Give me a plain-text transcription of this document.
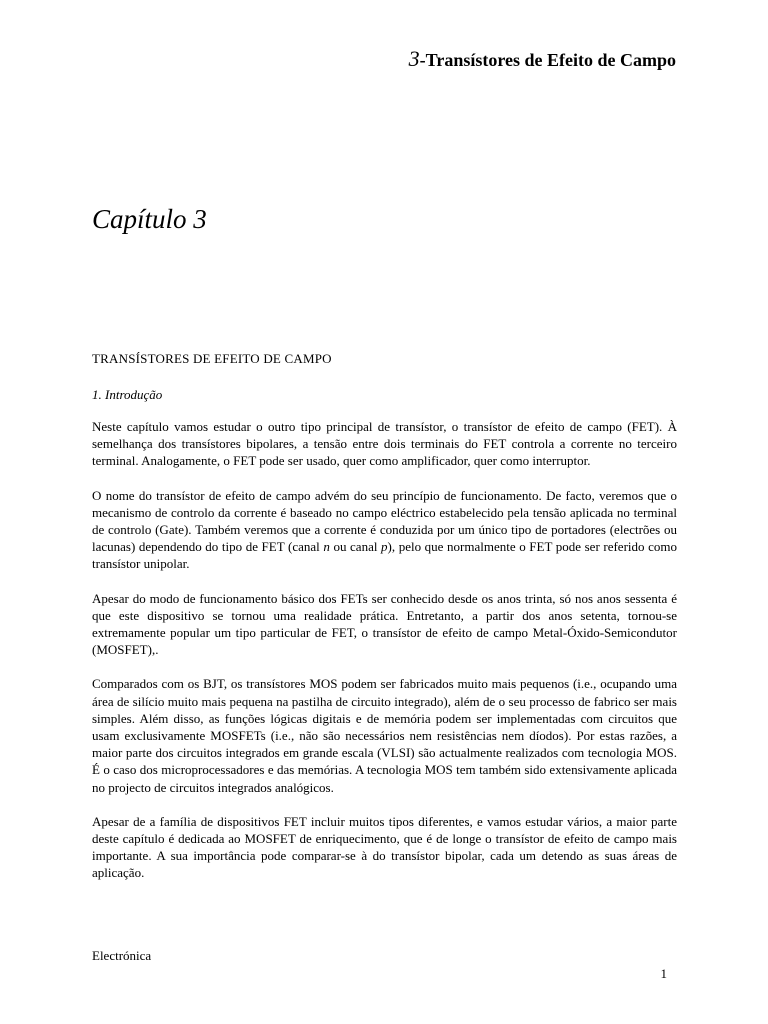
3-Transístores de Efeito de Campo
Capítulo 3
TRANSÍSTORES DE EFEITO DE CAMPO
1. Introdução

Neste capítulo vamos estudar o outro tipo principal de transístor, o transístor de efeito de campo (FET). À semelhança dos transístores bipolares, a tensão entre dois terminais do FET controla a corrente no terceiro terminal. Analogamente, o FET pode ser usado, quer como amplificador, quer como interruptor.

O nome do transístor de efeito de campo advém do seu princípio de funcionamento. De facto, veremos que o mecanismo de controlo da corrente é baseado no campo eléctrico estabelecido pela tensão aplicada no terminal de controlo (Gate). Também veremos que a corrente é conduzida por um único tipo de portadores (electrões ou lacunas) dependendo do tipo de FET (canal n ou canal p), pelo que normalmente o FET pode ser referido como transístor unipolar.

Apesar do modo de funcionamento básico dos FETs ser conhecido desde os anos trinta, só nos anos sessenta é que este dispositivo se tornou uma realidade prática. Entretanto, a partir dos anos setenta, tornou-se extremamente popular um tipo particular de FET, o transístor de efeito de campo Metal-Óxido-Semicondutor (MOSFET),.

Comparados com os BJT, os transístores MOS podem ser fabricados muito mais pequenos (i.e., ocupando uma área de silício muito mais pequena na pastilha de circuito integrado), além de o seu processo de fabrico ser mais simples. Além disso, as funções lógicas digitais e de memória podem ser implementadas com circuitos que usam exclusivamente MOSFETs (i.e., não são necessários nem resistências nem díodos). Por estas razões, a maior parte dos circuitos integrados em grande escala (VLSI) são actualmente realizados com tecnologia MOS. É o caso dos microprocessadores e das memórias. A tecnologia MOS tem também sido extensivamente aplicada no projecto de circuitos integrados analógicos.

Apesar de a família de dispositivos FET incluir muitos tipos diferentes, e vamos estudar vários, a maior parte deste capítulo é dedicada ao MOSFET de enriquecimento, que é de longe o transístor de efeito de campo mais importante. A sua importância pode comparar-se à do transístor bipolar, cada um detendo as suas áreas de aplicação.

Electrónica
1
